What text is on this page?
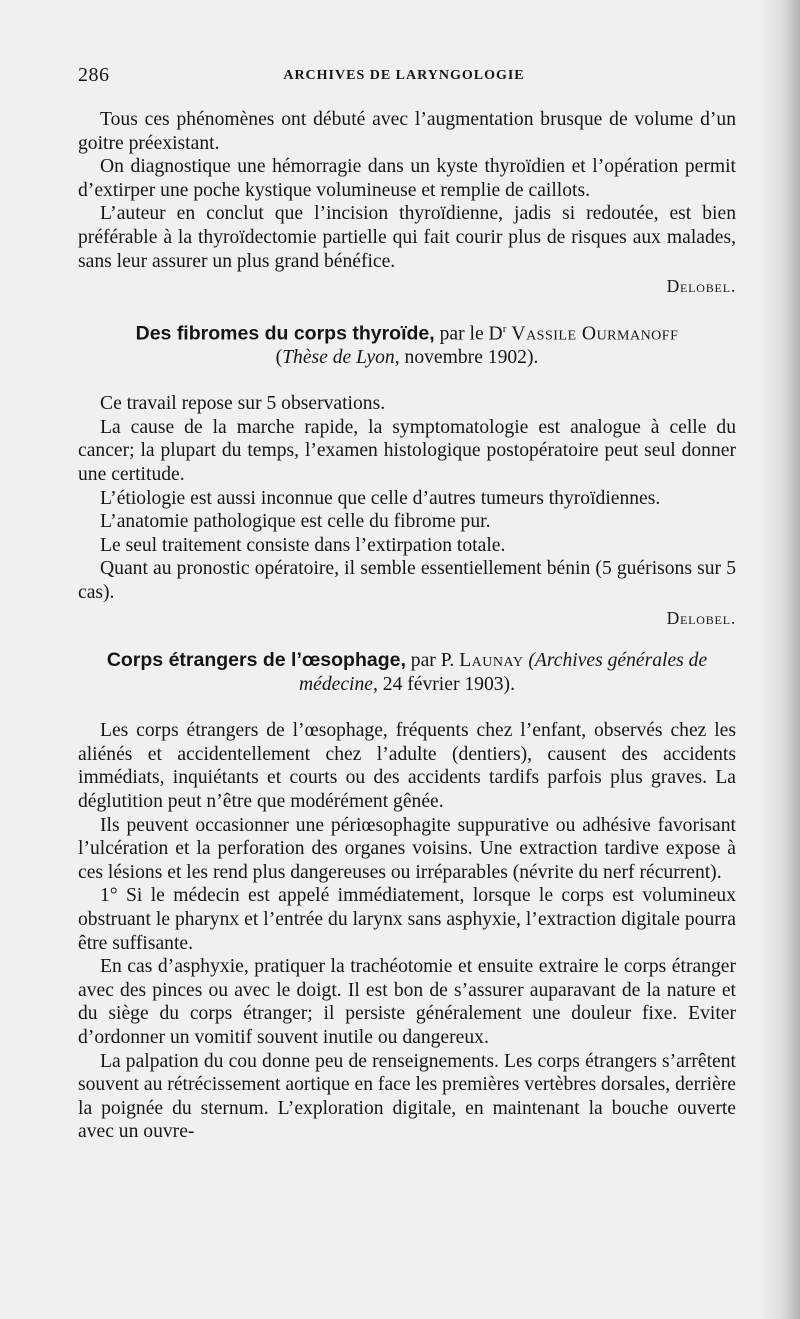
286	ARCHIVES DE LARYNGOLOGIE

Tous ces phénomènes ont débuté avec l’augmentation brusque de volume d’un goitre préexistant.

On diagnostique une hémorragie dans un kyste thyroïdien et l’opération permit d’extirper une poche kystique volumineuse et remplie de caillots.

L’auteur en conclut que l’incision thyroïdienne, jadis si redoutée, est bien préférable à la thyroïdectomie partielle qui fait courir plus de risques aux malades, sans leur assurer un plus grand bénéfice.

Delobel.

Des fibromes du corps thyroïde, par le $D^r$ Vassile Ourmanoff
(Thèse de Lyon, novembre 1902).

Ce travail repose sur 5 observations.

La cause de la marche rapide, la symptomatologie est analogue à celle du cancer; la plupart du temps, l’examen histologique postopératoire peut seul donner une certitude.

L’étiologie est aussi inconnue que celle d’autres tumeurs thyroïdiennes.

L’anatomie pathologique est celle du fibrome pur.

Le seul traitement consiste dans l’extirpation totale.

Quant au pronostic opératoire, il semble essentiellement bénin (5 guérisons sur 5 cas).

Delobel.

Corps étrangers de l’œsophage, par P. Launay (Archives générales de médecine, 24 février 1903).

Les corps étrangers de l’œsophage, fréquents chez l’enfant, observés chez les aliénés et accidentellement chez l’adulte (dentiers), causent des accidents immédiats, inquiétants et courts ou des accidents tardifs parfois plus graves. La déglutition peut n’être que modérément gênée.

Ils peuvent occasionner une périœsophagite suppurative ou adhésive favorisant l’ulcération et la perforation des organes voisins. Une extraction tardive expose à ces lésions et les rend plus dangereuses ou irréparables (névrite du nerf récurrent).

1° Si le médecin est appelé immédiatement, lorsque le corps est volumineux obstruant le pharynx et l’entrée du larynx sans asphyxie, l’extraction digitale pourra être suffisante.

En cas d’asphyxie, pratiquer la trachéotomie et ensuite extraire le corps étranger avec des pinces ou avec le doigt. Il est bon de s’assurer auparavant de la nature et du siège du corps étranger; il persiste généralement une douleur fixe. Eviter d’ordonner un vomitif souvent inutile ou dangereux.

La palpation du cou donne peu de renseignements. Les corps étrangers s’arrêtent souvent au rétrécissement aortique en face les premières vertèbres dorsales, derrière la poignée du sternum. L’exploration digitale, en maintenant la bouche ouverte avec un ouvre-
